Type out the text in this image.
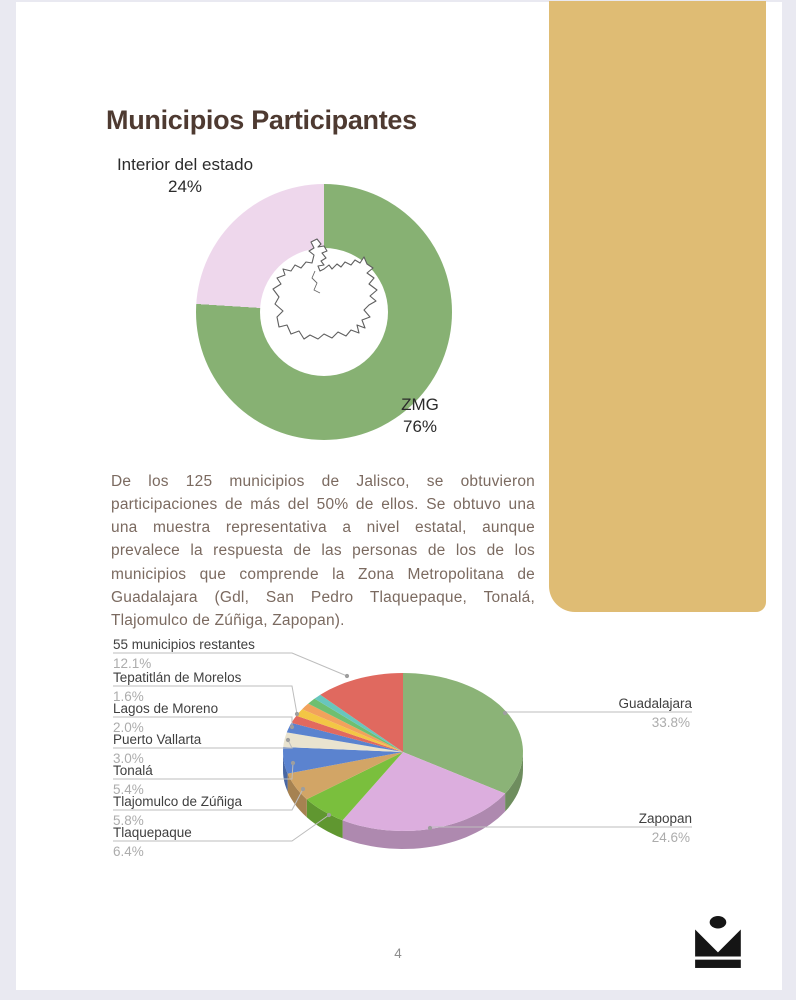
Municipios Participantes
Interior del estado
24%
ZMG
76%

De los 125 municipios de Jalisco, se obtuvieron participaciones de más del 50% de ellos. Se obtuvo una una muestra representativa a nivel estatal, aunque prevalece la respuesta de las personas de los de los municipios que comprende la Zona Metropolitana de Guadalajara (Gdl, San Pedro Tlaquepaque, Tonalá, Tlajomulco de Zúñiga, Zapopan).

55 municipios restantes
12.1%
Tepatitlán de Morelos
1.6%
Lagos de Moreno
2.0%
Puerto Vallarta
3.0%
Tonalá
5.4%
Tlajomulco de Zúñiga
5.8%
Tlaquepaque
6.4%
Guadalajara
33.8%
Zapopan
24.6%
4
